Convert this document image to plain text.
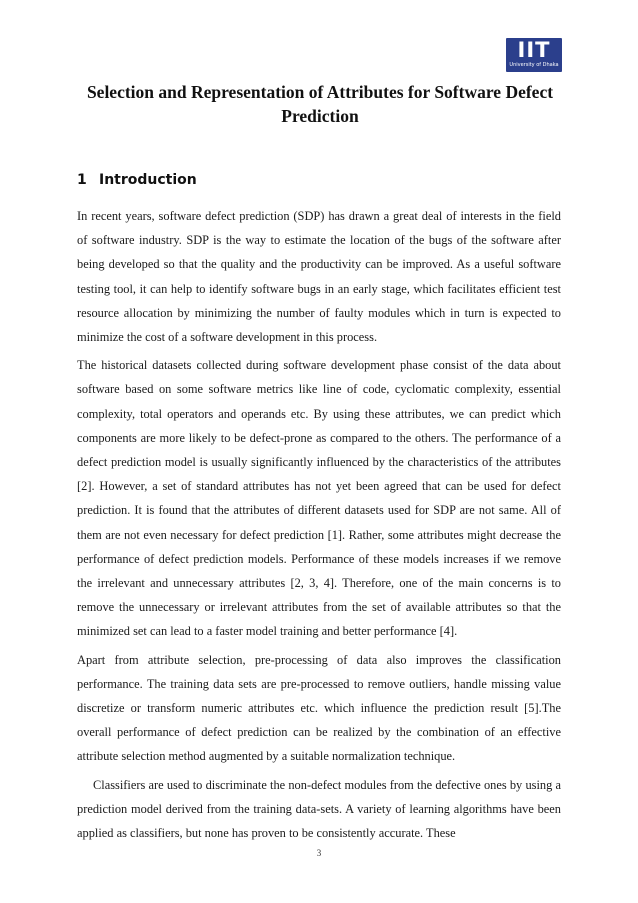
IIT
University of Dhaka
Selection and Representation of Attributes for Software Defect Prediction
1 Introduction

In recent years, software defect prediction (SDP) has drawn a great deal of interests in the field of software industry. SDP is the way to estimate the location of the bugs of the software after being developed so that the quality and the productivity can be improved. As a useful software testing tool, it can help to identify software bugs in an early stage, which facilitates efficient test resource allocation by minimizing the number of faulty modules which in turn is expected to minimize the cost of a software development in this process.

The historical datasets collected during software development phase consist of the data about software based on some software metrics like line of code, cyclomatic complexity, essential complexity, total operators and operands etc. By using these attributes, we can predict which components are more likely to be defect-prone as compared to the others. The performance of a defect prediction model is usually significantly influenced by the characteristics of the attributes [2]. However, a set of standard attributes has not yet been agreed that can be used for defect prediction. It is found that the attributes of different datasets used for SDP are not same. All of them are not even necessary for defect prediction [1]. Rather, some attributes might decrease the performance of defect prediction models. Performance of these models increases if we remove the irrelevant and unnecessary attributes [2, 3, 4]. Therefore, one of the main concerns is to remove the unnecessary or irrelevant attributes from the set of available attributes so that the minimized set can lead to a faster model training and better performance [4].

Apart from attribute selection, pre-processing of data also improves the classification performance. The training data sets are pre-processed to remove outliers, handle missing value discretize or transform numeric attributes etc. which influence the prediction result [5].The overall performance of defect prediction can be realized by the combination of an effective attribute selection method augmented by a suitable normalization technique.

Classifiers are used to discriminate the non-defect modules from the defective ones by using a prediction model derived from the training data-sets. A variety of learning algorithms have been applied as classifiers, but none has proven to be consistently accurate. These

3
